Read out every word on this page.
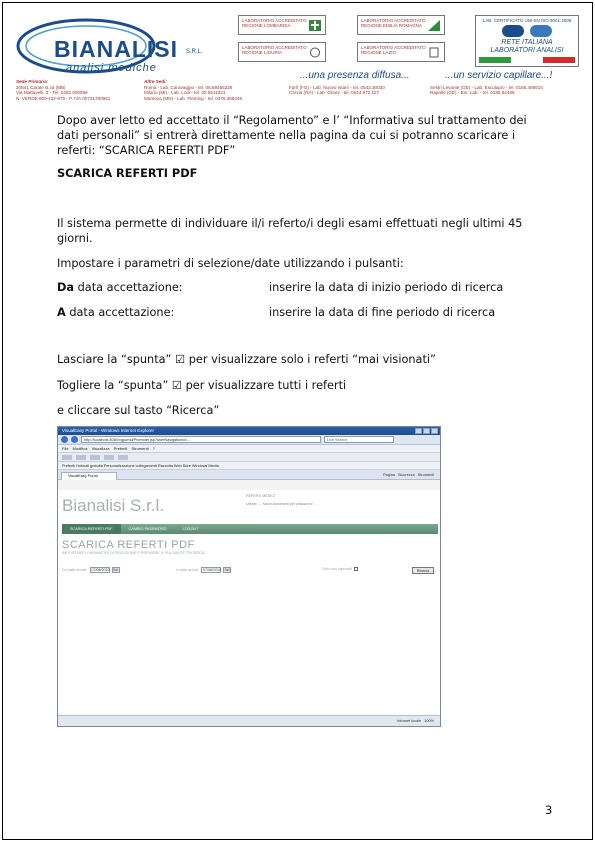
BIANALISI S.R.L.
analisi mediche
LABORATORIO ACCREDITATO REGIONE LOMBARDIA
LABORATORIO ACCREDITATO REGIONE EMILIA ROMAGNA
LABORATORIO ACCREDITATO REGIONE LIGURIA
LABORATORIO ACCREDITATO REGIONE LAZIO
LAB. CERTIFICATO UNI EN ISO 9001:2008
RETE ITALIANA
LABORATORI ANALISI
...una presenza diffusa...	...un servizio capillare...!
Sede Primaria:
20841 Carate B.za (MB)
Via Mattavelli, 3 - Tel. 0362.900069
N. VERDE 800-422-978 - P. IVA 00731780961
Altre Sedi:
Roma - Lab. Caravaggio - tel. 06.59455226
Milano (MI) - Lab. Lodi - tel. 02.5511331
Mantova (MN) - Lab. Fleming - tel. 0376.368446
Forlì (FO) - Lab. Nuovo Istam - tel. 0543.30030
Cervia (RA) - Lab. Oriani - tel. 0544.972.127
Sestri Levante (GE) - Lab. Esculapio - tel. 0185.485615
Rapallo (GE) - Bio. Lab. - tel. 0185.54488
Dopo aver letto ed accettato il “Regolamento” e l’ “Informativa sul trattamento dei dati personali” si entrerà direttamente nella pagina da cui si potranno scaricare i referti: “SCARICA REFERTI PDF”
SCARICA REFERTI PDF
Il sistema permette di individuare il/i referto/i degli esami effettuati negli ultimi 45 giorni.
Impostare i parametri di selezione/date utilizzando i pulsanti:
Da data accettazione:	inserire la data di inizio periodo di ricerca
A data accettazione:	inserire la data di fine periodo di ricerca
Lasciare la “spunta” ☑ per visualizzare solo i referti “mai visionati”
Togliere la “spunta” ☑ per visualizzare tutti i referti
e cliccare sul tasto “Ricerca”
VisualEasy Portal - Windows Internet Explorer
http://localhost:8080/vgportal/Promoter.jsp?userNavigationId=...	Live Search
File Modifica Visualizza Preferiti Strumenti ?
Preferiti Hotmail gratuita Personalizzazione collegamenti Raccolta Web Slice Windows Media
VisualEasy Portal	Pagina Sicurezza Strumenti
Bianalisi S.r.l.	REFERTI MEDICI
Utente: ... Salva documenti per password: ...
SCARICA REFERTI PDF	CAMBIO PASSWORD	LOGOUT
SCARICA REFERTI PDF
IMPOSTARE I PARAMETRI DI SELEZIONE E PREMERE IL PULSANTE "RICERCA"
Da data accett.	07/08/2010	Sel	A data accett.	07/08/2010	Sel	Solo non visionati	Ricerca
Intranet locale 100%
3
